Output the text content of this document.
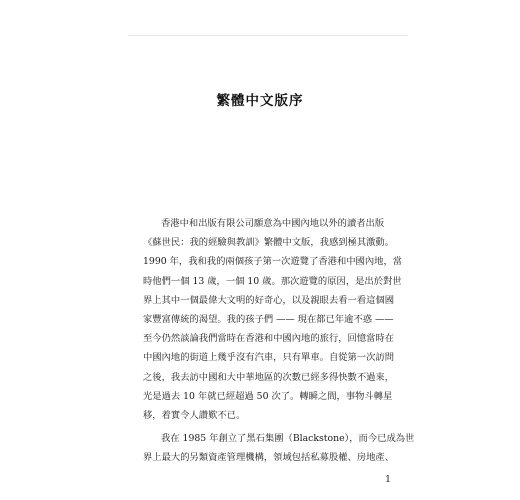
繁體中文版序
香港中和出版有限公司願意為中國內地以外的讀者出版
《蘇世民：我的經驗與教訓》繁體中文版，我感到極其激動。
1990 年，我和我的兩個孩子第一次遊覽了香港和中國內地，當
時他們一個 13 歲，一個 10 歲。那次遊覽的原因，是出於對世
界上其中一個最偉大文明的好奇心，以及親眼去看一看這個國
家豐富傳統的渴望。我的孩子們 —— 現在都已年逾不惑 ——
至今仍然談論我們當時在香港和中國內地的旅行，回憶當時在
中國內地的街道上幾乎沒有汽車，只有單車。自從第一次訪問
之後，我去訪中國和大中華地區的次數已經多得快數不過來，
光是過去 10 年就已經超過 50 次了。轉瞬之間，事物斗轉星
移，着實令人讚歎不已。
我在 1985 年創立了黑石集團（Blackstone），而今已成為世
界上最大的另類資產管理機構，領域包括私募股權、房地產、
1
